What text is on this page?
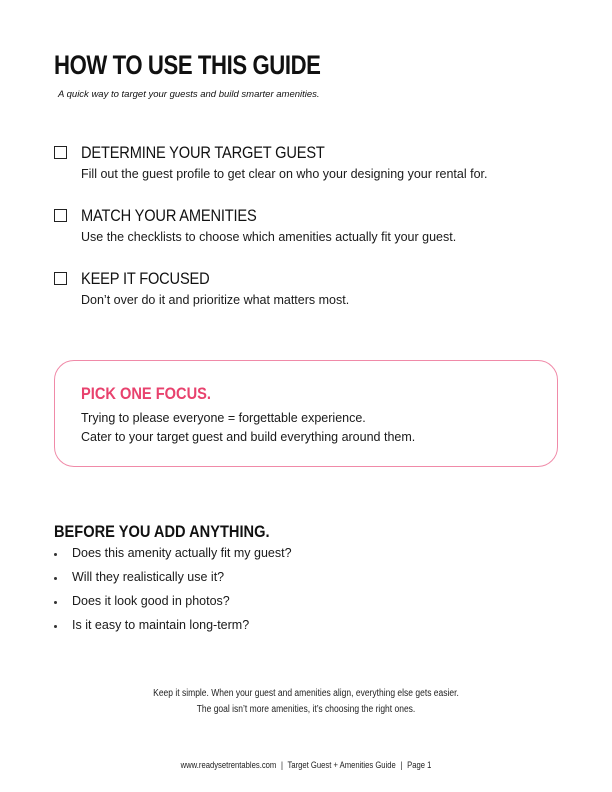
HOW TO USE THIS GUIDE
A quick way to target your guests and build smarter amenities.
DETERMINE YOUR TARGET GUEST
Fill out the guest profile to get clear on who your designing your rental for.
MATCH YOUR AMENITIES
Use the checklists to choose which amenities actually fit your guest.
KEEP IT FOCUSED
Don’t over do it and prioritize what matters most.
PICK ONE FOCUS.
Trying to please everyone = forgettable experience.
Cater to your target guest and build everything around them.
BEFORE YOU ADD ANYTHING.
Does this amenity actually fit my guest?
Will they realistically use it?
Does it look good in photos?
Is it easy to maintain long-term?
Keep it simple. When your guest and amenities align, everything else gets easier.
The goal isn’t more amenities, it’s choosing the right ones.
www.readysetrentables.com | Target Guest + Amenities Guide | Page 1
